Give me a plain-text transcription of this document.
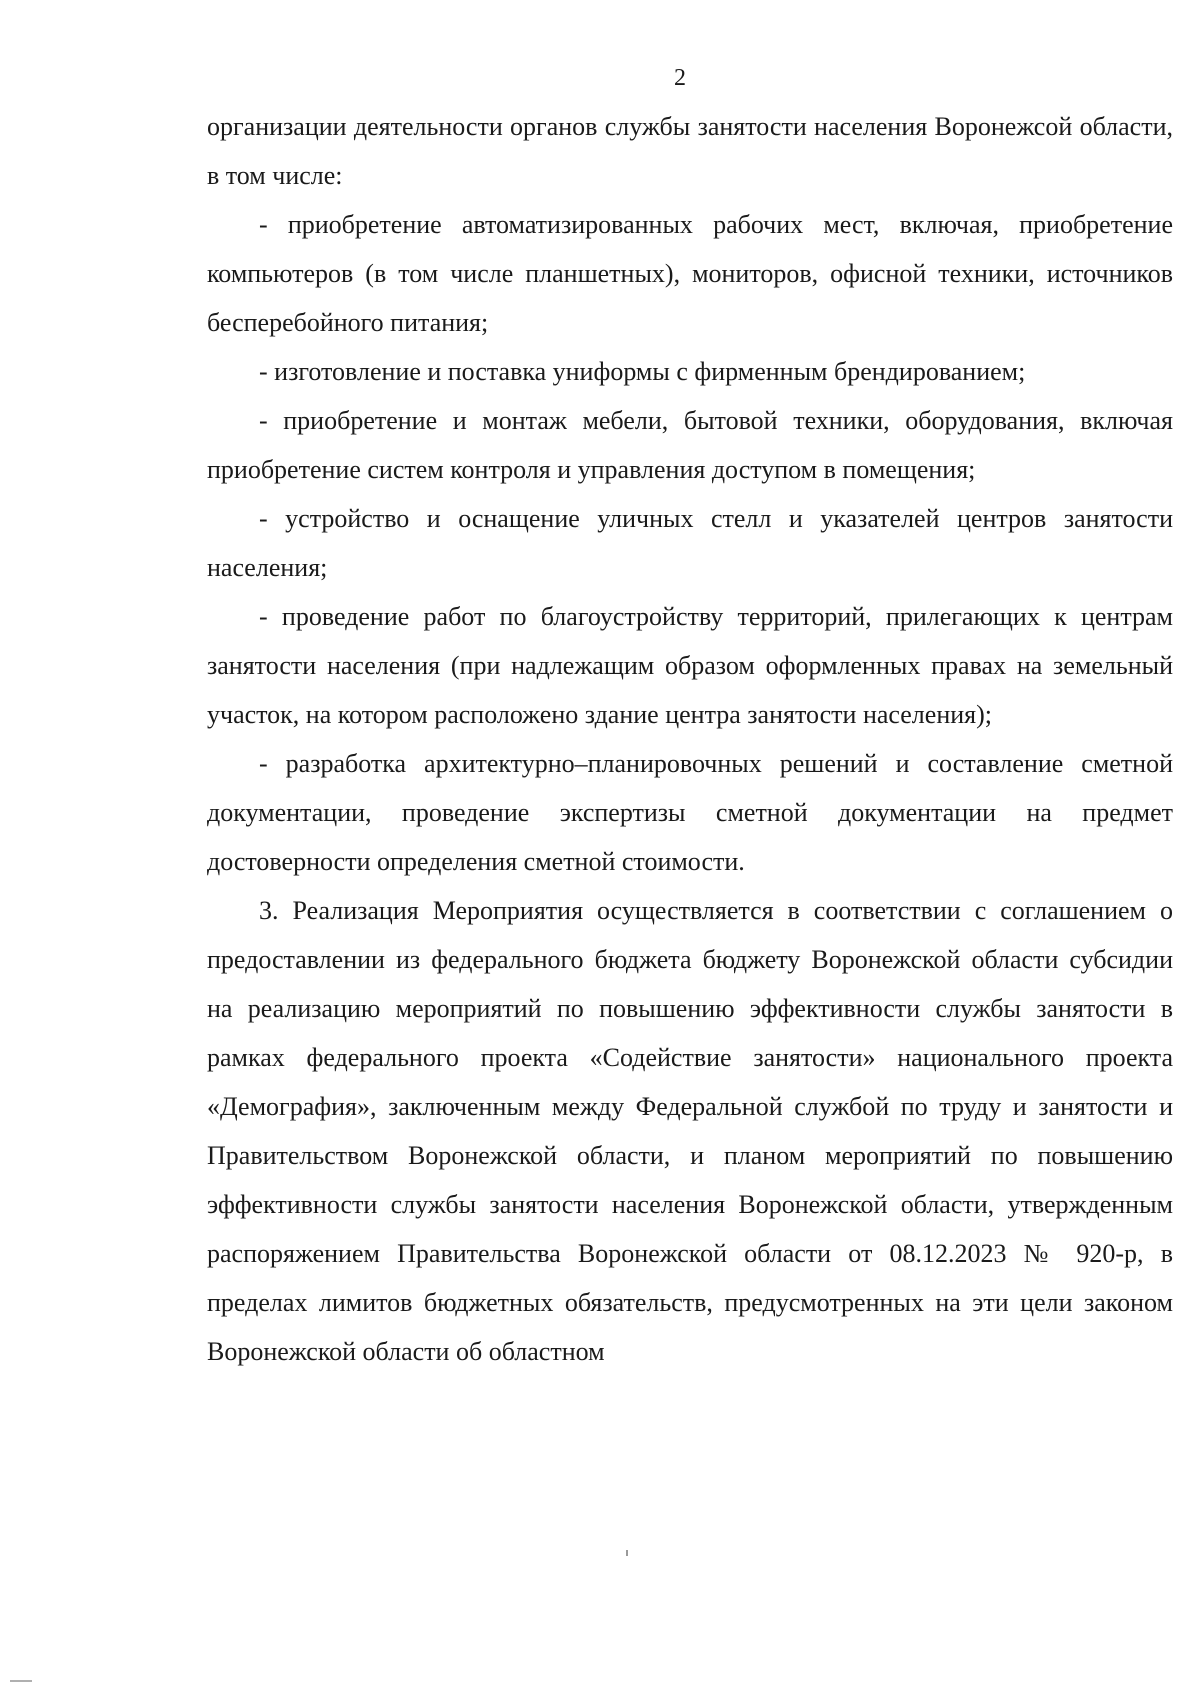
2

организации деятельности органов службы занятости населения Воронежсой области, в том числе:

- приобретение автоматизированных рабочих мест, включая, приобретение компьютеров (в том числе планшетных), мониторов, офисной техники, источников бесперебойного питания;

- изготовление и поставка униформы с фирменным брендированием;

- приобретение и монтаж мебели, бытовой техники, оборудования, включая приобретение систем контроля и управления доступом в помещения;

- устройство и оснащение уличных стелл и указателей центров занятости населения;

- проведение работ по благоустройству территорий, прилегающих к центрам занятости населения (при надлежащим образом оформленных правах на земельный участок, на котором расположено здание центра занятости населения);

- разработка архитектурно–планировочных решений и составление сметной документации, проведение экспертизы сметной документации на предмет достоверности определения сметной стоимости.

3. Реализация Мероприятия осуществляется в соответствии с соглашением о предоставлении из федерального бюджета бюджету Воронежской области субсидии на реализацию мероприятий по повышению эффективности службы занятости в рамках федерального проекта «Содействие занятости» национального проекта «Демография», заключенным между Федеральной службой по труду и занятости и Правительством Воронежской области, и планом мероприятий по повышению эффективности службы занятости населения Воронежской области, утвержденным распоряжением Правительства Воронежской области от 08.12.2023 № 920-р, в пределах лимитов бюджетных обязательств, предусмотренных на эти цели законом Воронежской области об областном
